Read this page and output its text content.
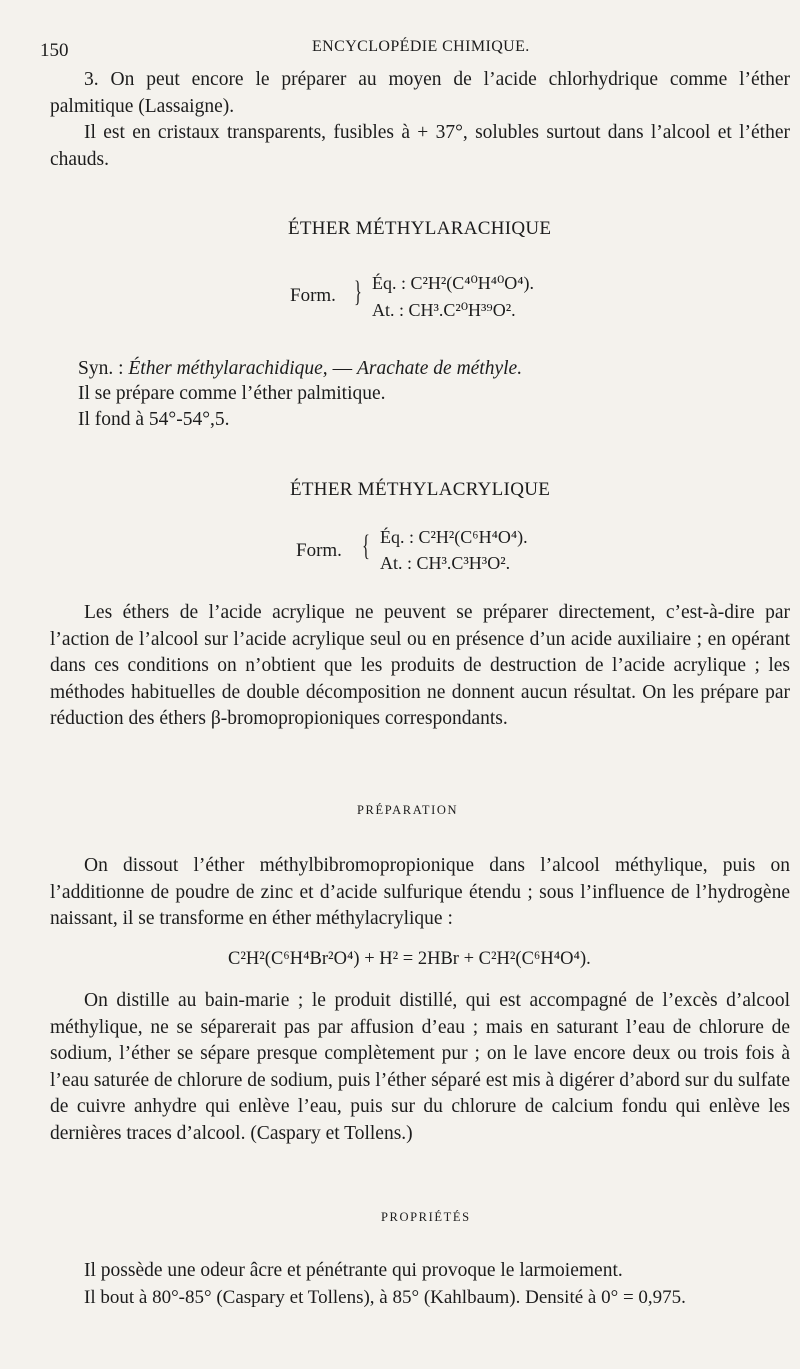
150	ENCYCLOPÉDIE CHIMIQUE.

3. On peut encore le préparer au moyen de l’acide chlorhydrique comme l’éther palmitique (Lassaigne).

Il est en cristaux transparents, fusibles à + 37°, solubles surtout dans l’alcool et l’éther chauds.

ÉTHER MÉTHYLARACHIQUE
Form. } Éq. : C²H²(C⁴⁰H⁴⁰O⁴).
At. : CH³.C²⁰H³⁹O².
Syn. : Éther méthylarachidique, — Arachate de méthyle.
Il se prépare comme l’éther palmitique.
Il fond à 54°-54°,5.
ÉTHER MÉTHYLACRYLIQUE
Form. { Éq. : C²H²(C⁶H⁴O⁴).
At. : CH³.C³H³O².

Les éthers de l’acide acrylique ne peuvent se préparer directement, c’est-à-dire par l’action de l’alcool sur l’acide acrylique seul ou en présence d’un acide auxiliaire ; en opérant dans ces conditions on n’obtient que les produits de destruction de l’acide acrylique ; les méthodes habituelles de double décomposition ne donnent aucun résultat. On les prépare par réduction des éthers β-bromopropioniques correspondants.

PRÉPARATION

On dissout l’éther méthylbibromopropionique dans l’alcool méthylique, puis on l’additionne de poudre de zinc et d’acide sulfurique étendu ; sous l’influence de l’hydrogène naissant, il se transforme en éther méthylacrylique :

C²H²(C⁶H⁴Br²O⁴) + H² = 2HBr + C²H²(C⁶H⁴O⁴).

On distille au bain-marie ; le produit distillé, qui est accompagné de l’excès d’alcool méthylique, ne se séparerait pas par affusion d’eau ; mais en saturant l’eau de chlorure de sodium, l’éther se sépare presque complètement pur ; on le lave encore deux ou trois fois à l’eau saturée de chlorure de sodium, puis l’éther séparé est mis à digérer d’abord sur du sulfate de cuivre anhydre qui enlève l’eau, puis sur du chlorure de calcium fondu qui enlève les dernières traces d’alcool. (Caspary et Tollens.)

PROPRIÉTÉS

Il possède une odeur âcre et pénétrante qui provoque le larmoiement.

Il bout à 80°-85° (Caspary et Tollens), à 85° (Kahlbaum). Densité à 0° = 0,975.
